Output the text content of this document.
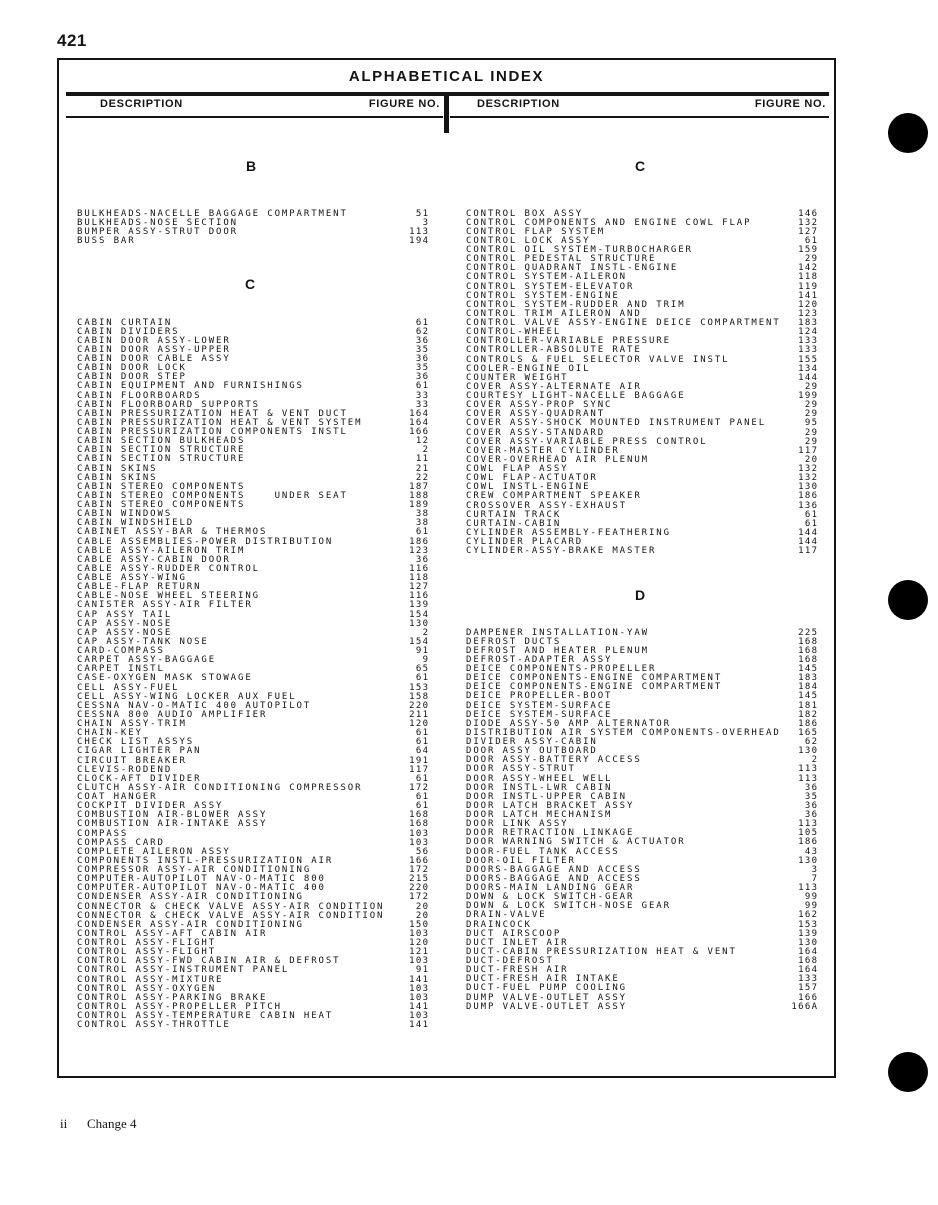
421
ALPHABETICAL INDEX
DESCRIPTION	FIGURE NO.	DESCRIPTION	FIGURE NO.
B
BULKHEADS-NACELLE BAGGAGE COMPARTMENT	51
BULKHEADS-NOSE SECTION	3
BUMPER ASSY-STRUT DOOR	113
BUSS BAR	194
C
CABIN CURTAIN	61
CABIN DIVIDERS	62
CABIN DOOR ASSY-LOWER	36
CABIN DOOR ASSY-UPPER	35
CABIN DOOR CABLE ASSY	36
CABIN DOOR LOCK	35
CABIN DOOR STEP	36
CABIN EQUIPMENT AND FURNISHINGS	61
CABIN FLOORBOARDS	33
CABIN FLOORBOARD SUPPORTS	33
CABIN PRESSURIZATION HEAT & VENT DUCT	164
CABIN PRESSURIZATION HEAT & VENT SYSTEM	164
CABIN PRESSURIZATION COMPONENTS INSTL	166
CABIN SECTION BULKHEADS	12
CABIN SECTION STRUCTURE	2
CABIN SECTION STRUCTURE	11
CABIN SKINS	21
CABIN SKINS	22
CABIN STEREO COMPONENTS	187
CABIN STEREO COMPONENTS    UNDER SEAT	188
CABIN STEREO COMPONENTS	189
CABIN WINDOWS	38
CABIN WINDSHIELD	38
CABINET ASSY-BAR & THERMOS	61
CABLE ASSEMBLIES-POWER DISTRIBUTION	186
CABLE ASSY-AILERON TRIM	123
CABLE ASSY-CABIN DOOR	36
CABLE ASSY-RUDDER CONTROL	116
CABLE ASSY-WING	118
CABLE-FLAP RETURN	127
CABLE-NOSE WHEEL STEERING	116
CANISTER ASSY-AIR FILTER	139
CAP ASSY TAIL	154
CAP ASSY-NOSE	130
CAP ASSY-NOSE	2
CAP ASSY-TANK NOSE	154
CARD-COMPASS	91
CARPET ASSY-BAGGAGE	9
CARPET INSTL	65
CASE-OXYGEN MASK STOWAGE	61
CELL ASSY-FUEL	153
CELL ASSY-WING LOCKER AUX FUEL	158
CESSNA NAV-O-MATIC 400 AUTOPILOT	220
CESSNA 800 AUDIO AMPLIFIER	211
CHAIN ASSY-TRIM	120
CHAIN-KEY	61
CHECK LIST ASSYS	61
CIGAR LIGHTER PAN	64
CIRCUIT BREAKER	191
CLEVIS-RODEND	117
CLOCK-AFT DIVIDER	61
CLUTCH ASSY-AIR CONDITIONING COMPRESSOR	172
COAT HANGER	61
COCKPIT DIVIDER ASSY	61
COMBUSTION AIR-BLOWER ASSY	168
COMBUSTION AIR-INTAKE ASSY	168
COMPASS	103
COMPASS CARD	103
COMPLETE AILERON ASSY	56
COMPONENTS INSTL-PRESSURIZATION AIR	166
COMPRESSOR ASSY-AIR CONDITIONING	172
COMPUTER-AUTOPILOT NAV-O-MATIC 800	215
COMPUTER-AUTOPILOT NAV-O-MATIC 400	220
CONDENSER ASSY-AIR CONDITIONING	172
CONNECTOR & CHECK VALVE ASSY-AIR CONDITION	20
CONNECTOR & CHECK VALVE ASSY-AIR CONDITION	20
CONDENSER ASSY-AIR CONDITIONING	150
CONTROL ASSY-AFT CABIN AIR	103
CONTROL ASSY-FLIGHT	120
CONTROL ASSY-FLIGHT	121
CONTROL ASSY-FWD CABIN AIR & DEFROST	103
CONTROL ASSY-INSTRUMENT PANEL	91
CONTROL ASSY-MIXTURE	141
CONTROL ASSY-OXYGEN	103
CONTROL ASSY-PARKING BRAKE	103
CONTROL ASSY-PROPELLER PITCH	141
CONTROL ASSY-TEMPERATURE CABIN HEAT	103
CONTROL ASSY-THROTTLE	141
C
CONTROL BOX ASSY	146
CONTROL COMPONENTS AND ENGINE COWL FLAP	132
CONTROL FLAP SYSTEM	127
CONTROL LOCK ASSY	61
CONTROL OIL SYSTEM-TURBOCHARGER	159
CONTROL PEDESTAL STRUCTURE	29
CONTROL QUADRANT INSTL-ENGINE	142
CONTROL SYSTEM-AILERON	118
CONTROL SYSTEM-ELEVATOR	119
CONTROL SYSTEM-ENGINE	141
CONTROL SYSTEM-RUDDER AND TRIM	120
CONTROL TRIM AILERON AND	123
CONTROL VALVE ASSY-ENGINE DEICE COMPARTMENT 183
CONTROL-WHEEL	124
CONTROLLER-VARIABLE PRESSURE	133
CONTROLLER-ABSOLUTE RATE	133
CONTROLS & FUEL SELECTOR VALVE INSTL	155
COOLER-ENGINE OIL	134
COUNTER WEIGHT	144
COVER ASSY-ALTERNATE AIR	29
COURTESY LIGHT-NACELLE BAGGAGE	199
COVER ASSY-PROP SYNC	29
COVER ASSY-QUADRANT	29
COVER ASSY-SHOCK MOUNTED INSTRUMENT PANEL	95
COVER ASSY-STANDARD	29
COVER ASSY-VARIABLE PRESS CONTROL	29
COVER-MASTER CYLINDER	117
COVER-OVERHEAD AIR PLENUM	20
COWL FLAP ASSY	132
COWL FLAP-ACTUATOR	132
COWL INSTL-ENGINE	130
CREW COMPARTMENT SPEAKER	186
CROSSOVER ASSY-EXHAUST	136
CURTAIN TRACK	61
CURTAIN-CABIN	61
CYLINDER ASSEMBLY-FEATHERING	144
CYLINDER PLACARD	144
CYLINDER-ASSY-BRAKE MASTER	117
D
DAMPENER INSTALLATION-YAW	225
DEFROST DUCTS	168
DEFROST AND HEATER PLENUM	168
DEFROST-ADAPTER ASSY	168
DEICE COMPONENTS-PROPELLER	145
DEICE COMPONENTS-ENGINE COMPARTMENT	183
DEICE COMPONENTS-ENGINE COMPARTMENT	184
DEICE PROPELLER-BOOT	145
DEICE SYSTEM-SURFACE	181
DEICE SYSTEM-SURFACE	182
DIODE ASSY-50 AMP ALTERNATOR	186
DISTRIBUTION AIR SYSTEM COMPONENTS-OVERHEAD 165
DIVIDER ASSY-CABIN	62
DOOR ASSY OUTBOARD	130
DOOR ASSY-BATTERY ACCESS	2
DOOR ASSY-STRUT	113
DOOR ASSY-WHEEL WELL	113
DOOR INSTL-LWR CABIN	36
DOOR INSTL-UPPER CABIN	35
DOOR LATCH BRACKET ASSY	36
DOOR LATCH MECHANISM	36
DOOR LINK ASSY	113
DOOR RETRACTION LINKAGE	105
DOOR WARNING SWITCH & ACTUATOR	186
DOOR-FUEL TANK ACCESS	43
DOOR-OIL FILTER	130
DOORS-BAGGAGE AND ACCESS	3
DOORS-BAGGAGE AND ACCESS	7
DOORS-MAIN LANDING GEAR	113
DOWN & LOCK SWITCH-GEAR	99
DOWN & LOCK SWITCH-NOSE GEAR	99
DRAIN-VALVE	162
DRAINCOCK	153
DUCT AIRSCOOP	139
DUCT INLET AIR	130
DUCT-CABIN PRESSURIZATION HEAT & VENT	164
DUCT-DEFROST	168
DUCT-FRESH AIR	164
DUCT-FRESH AIR INTAKE	133
DUCT-FUEL PUMP COOLING	157
DUMP VALVE-OUTLET ASSY	166
DUMP VALVE-OUTLET ASSY	166A
ii Change 4
